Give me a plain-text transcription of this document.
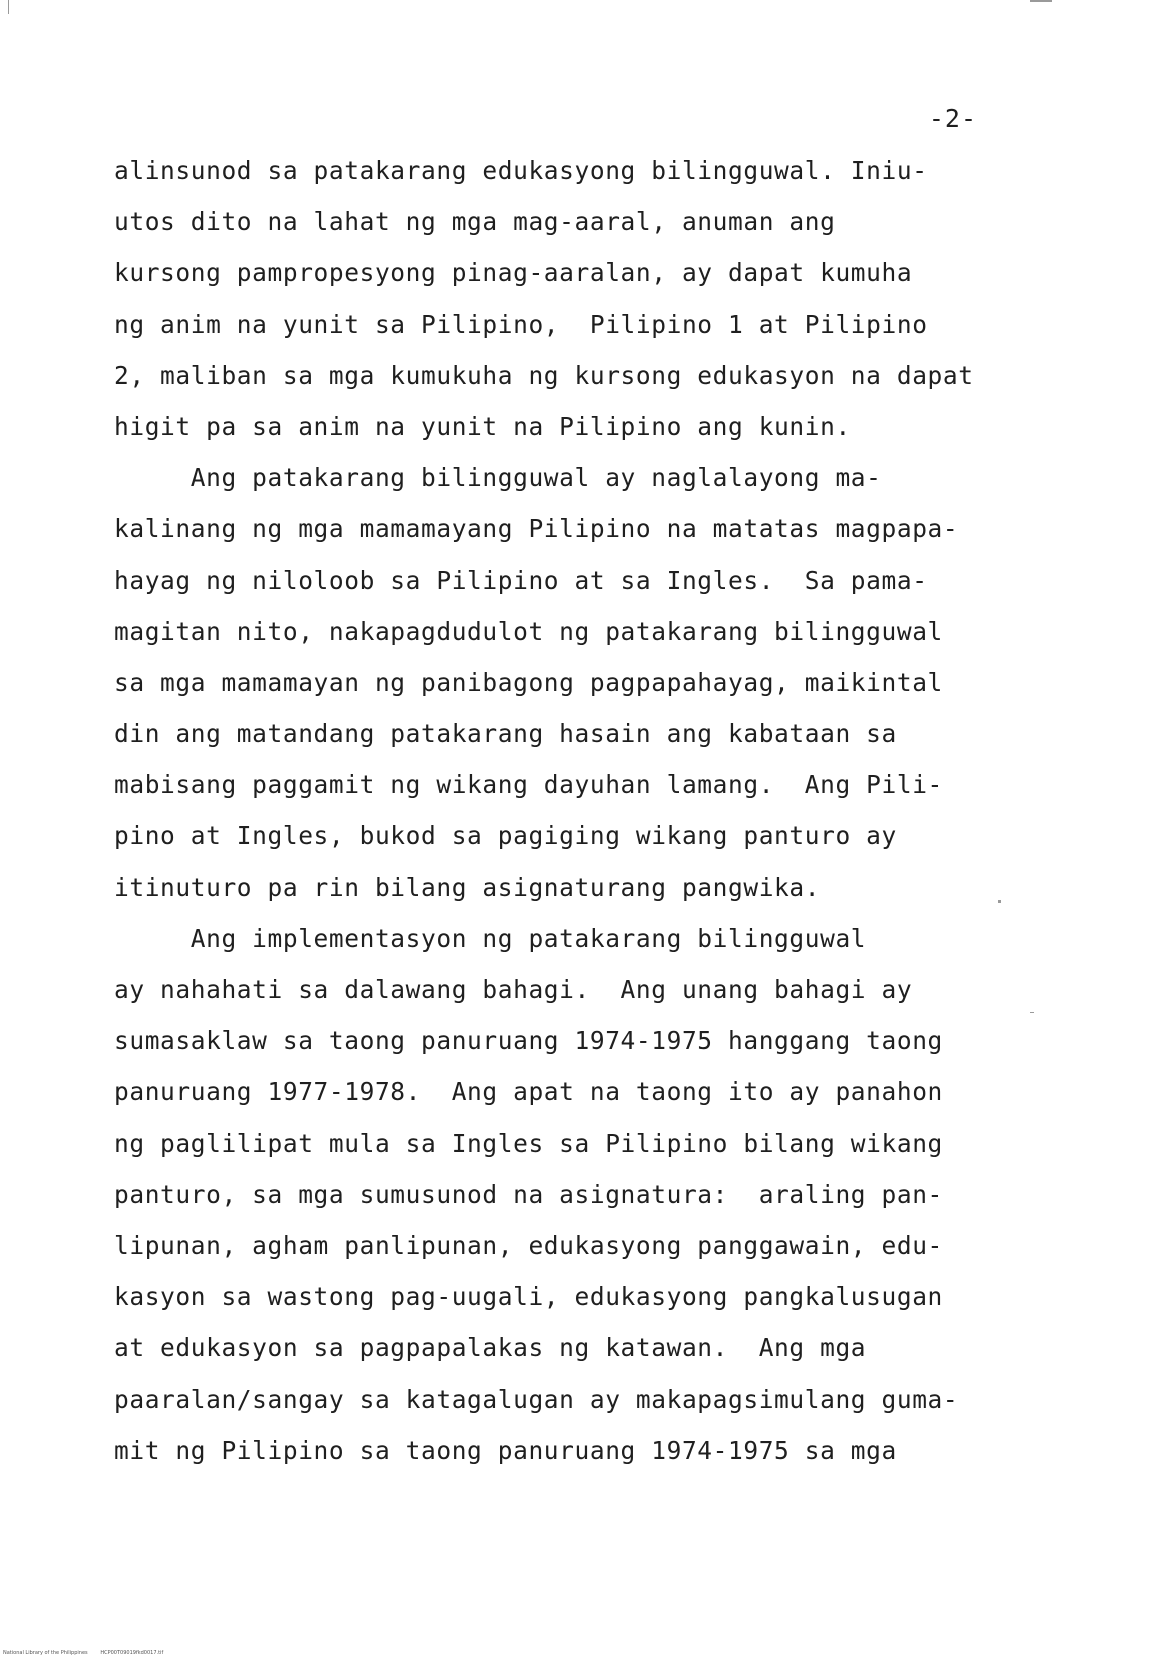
-2-
alinsunod sa patakarang edukasyong bilingguwal. Iniu-
utos dito na lahat ng mga mag-aaral, anuman ang
kursong pampropesyong pinag-aaralan, ay dapat kumuha
ng anim na yunit sa Pilipino,  Pilipino 1 at Pilipino
2, maliban sa mga kumukuha ng kursong edukasyon na dapat
higit pa sa anim na yunit na Pilipino ang kunin.
Ang patakarang bilingguwal ay naglalayong ma-
kalinang ng mga mamamayang Pilipino na matatas magpapa-
hayag ng niloloob sa Pilipino at sa Ingles.  Sa pama-
magitan nito, nakapagdudulot ng patakarang bilingguwal
sa mga mamamayan ng panibagong pagpapahayag, maikintal
din ang matandang patakarang hasain ang kabataan sa
mabisang paggamit ng wikang dayuhan lamang.  Ang Pili-
pino at Ingles, bukod sa pagiging wikang panturo ay
itinuturo pa rin bilang asignaturang pangwika.
Ang implementasyon ng patakarang bilingguwal
ay nahahati sa dalawang bahagi.  Ang unang bahagi ay
sumasaklaw sa taong panuruang 1974-1975 hanggang taong
panuruang 1977-1978.  Ang apat na taong ito ay panahon
ng paglilipat mula sa Ingles sa Pilipino bilang wikang
panturo, sa mga sumusunod na asignatura:  araling pan-
lipunan, agham panlipunan, edukasyong panggawain, edu-
kasyon sa wastong pag-uugali, edukasyong pangkalusugan
at edukasyon sa pagpapalakas ng katawan.  Ang mga
paaralan/sangay sa katagalugan ay makapagsimulang guma-
mit ng Pilipino sa taong panuruang 1974-1975 sa mga
National Library of the Philippines	HCP00T09019fkd0017.tif
